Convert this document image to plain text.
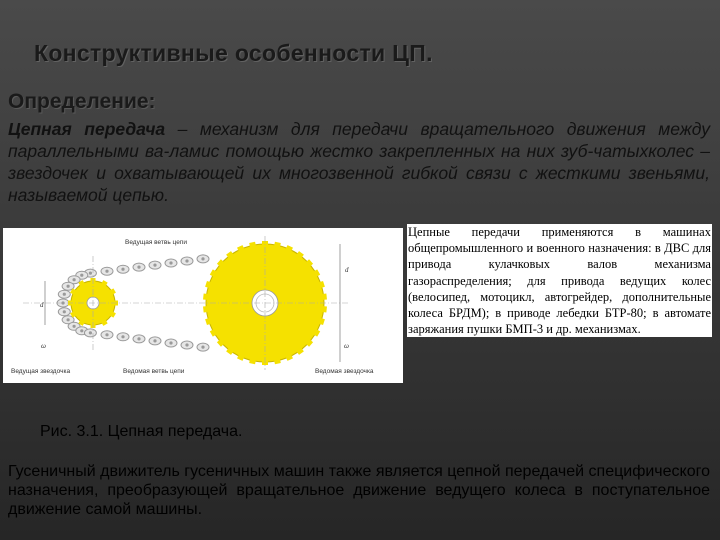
Конструктивные особенности ЦП.
Определение:
Цепная передача – механизм для передачи вращательного движения между параллельными ва-ламис помощью жестко закрепленных на них зуб-чатыхколес – звездочек и охватывающей их многозвенной гибкой связи с жесткими звеньями, называемой цепью.
Ведущая ветвь цепи
Ведущая звездочка	Ведомая ветвь цепи	Ведомая звездочка
d
d
ω	ω
Цепные передачи применяются в машинах общепромышленного и военного назначения: в ДВС для привода кулачковых валов механизма газораспределения; для привода ведущих колес (велосипед, мотоцикл, автогрейдер, дополнительные колеса БРДМ); в приводе лебедки БТР-80; в автомате заряжания пушки БМП-3 и др. механизмах.
Рис. 3.1. Цепная передача.
Гусеничный движитель гусеничных машин также является цепной передачей специфического назначения, преобразующей вращательное движение ведущего колеса в поступательное движение самой машины.
